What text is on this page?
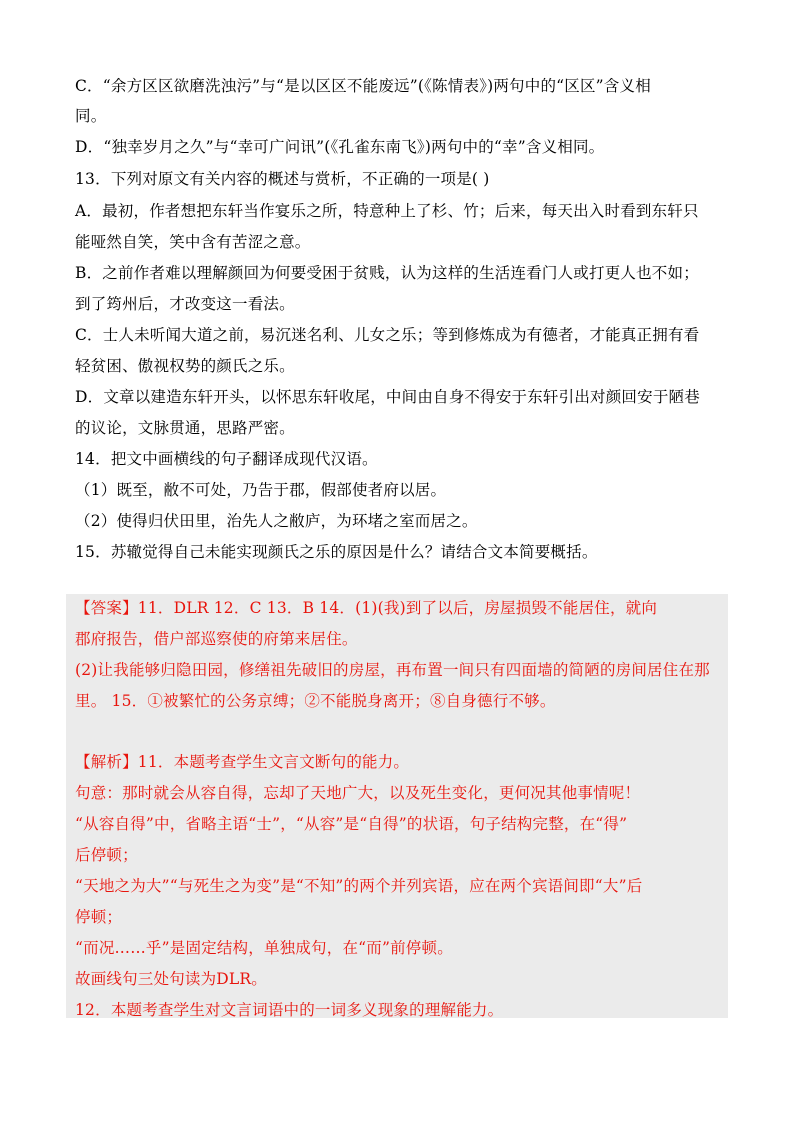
C．“余方区区欲磨洗浊污”与“是以区区不能废远”(《陈情表》)两句中的“区区”含义相
同。
D．“独幸岁月之久”与“幸可广问讯”(《孔雀东南飞》)两句中的“幸”含义相同。
13．下列对原文有关内容的概述与赏析，不正确的一项是( )
A．最初，作者想把东轩当作宴乐之所，特意种上了杉、竹；后来，每天出入时看到东轩只
能哑然自笑，笑中含有苦涩之意。
B．之前作者难以理解颜回为何要受困于贫贱，认为这样的生活连看门人或打更人也不如；
到了筠州后，才改变这一看法。
C．士人未听闻大道之前，易沉迷名利、儿女之乐；等到修炼成为有德者，才能真正拥有看
轻贫困、傲视权势的颜氏之乐。
D．文章以建造东轩开头，以怀思东轩收尾，中间由自身不得安于东轩引出对颜回安于陋巷
的议论，文脉贯通，思路严密。
14．把文中画横线的句子翻译成现代汉语。
（1）既至，敝不可处，乃告于郡，假部使者府以居。
（2）使得归伏田里，治先人之敝庐，为环堵之室而居之。
15．苏辙觉得自己未能实现颜氏之乐的原因是什么？请结合文本简要概括。
【答案】11．DLR 12．C 13．B 14．(1)(我)到了以后，房屋损毁不能居住，就向
郡府报告，借户部巡察使的府第来居住。
(2)让我能够归隐田园，修缮祖先破旧的房屋，再布置一间只有四面墙的简陋的房间居住在那
里。 15．①被繁忙的公务京缚；②不能脱身离开；⑧自身德行不够。
【解析】11．本题考查学生文言文断句的能力。
句意：那时就会从容自得，忘却了天地广大，以及死生变化，更何况其他事情呢！
“从容自得”中，省略主语“士”，“从容”是“自得”的状语，句子结构完整，在“得”
后停顿；
“天地之为大”“与死生之为变”是“不知”的两个并列宾语，应在两个宾语间即“大”后
停顿；
“而况……乎”是固定结构，单独成句，在“而”前停顿。
故画线句三处句读为DLR。
12．本题考查学生对文言词语中的一词多义现象的理解能力。
